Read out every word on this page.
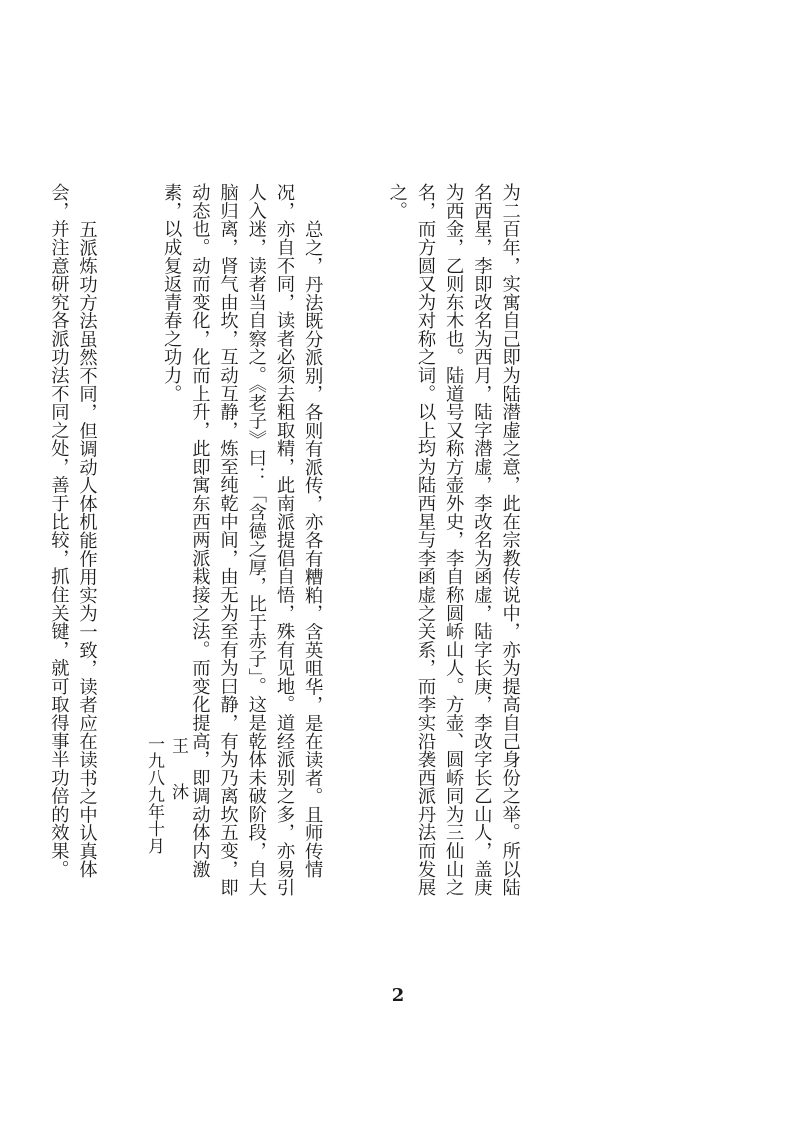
为二百年，实寓自己即为陆潜虚之意，此在宗教传说中，亦为提高自己身份之举。所以陆名西星，李即改名为西月，陆字潜虚，李改名为函虚，陆字长庚，李改字长乙山人，盖庚为西金，乙则东木也。陆道号又称方壶外史，李自称圆峤山人。方壶、圆峤同为三仙山之名，而方圆又为对称之词。以上均为陆西星与李函虚之关系，而李实沿袭西派丹法而发展之。

总之，丹法既分派别，各则有派传，亦各有糟粕，含英咀华，是在读者。且师传情况，亦自不同，读者必须去粗取精，此南派提倡自悟，殊有见地。道经派别之多，亦易引人入迷，读者当自察之。《老子》曰：「含德之厚，比于赤子」。这是乾体未破阶段，自大脑归离，肾气由坎，互动互静，炼至纯乾中间，由无为至有为曰静，有为乃离坎五变，即动态也。动而变化，化而上升，此即寓东西两派栽接之法。而变化提高，即调动体内激素，以成复返青春之功力。

五派炼功方法虽然不同，但调动人体机能作用实为一致，读者应在读书之中认真体会，并注意研究各派功法不同之处，善于比较，抓住关键，就可取得事半功倍的效果。	王　沐
一九八九年十月
2
